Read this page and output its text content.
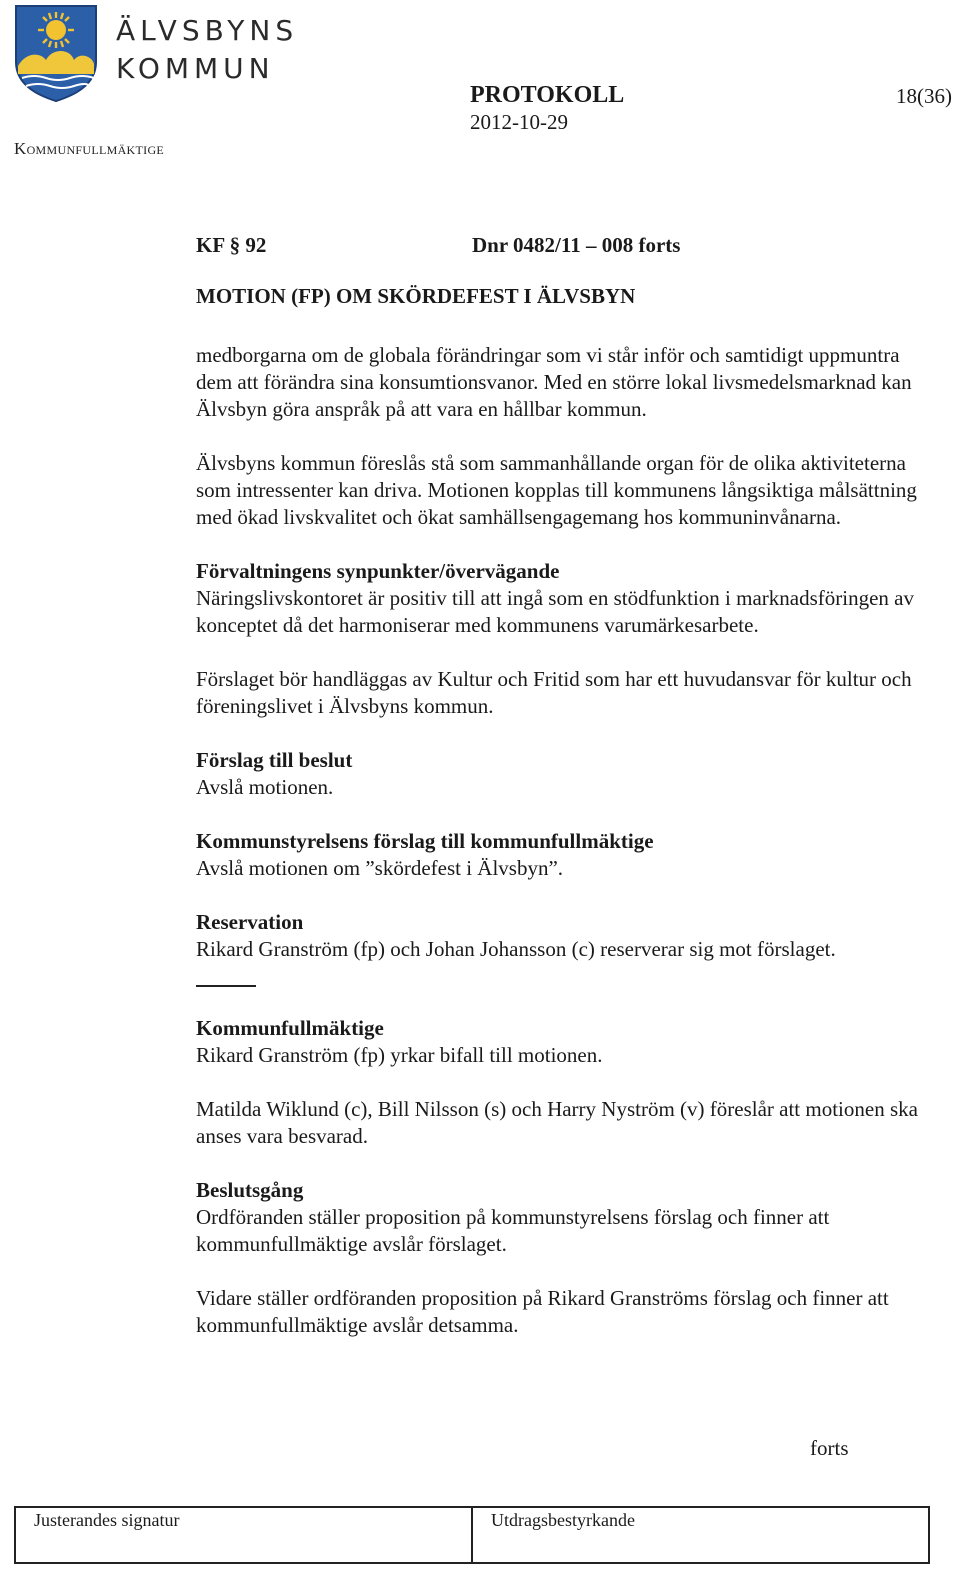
ÄLVSBYNS
KOMMUN
Kommunfullmäktige
PROTOKOLL
2012-10-29
18(36)
KF § 92	Dnr 0482/11 – 008 forts
MOTION (FP) OM SKÖRDEFEST I ÄLVSBYN

medborgarna om de globala förändringar som vi står inför och samtidigt uppmuntra dem att förändra sina konsumtionsvanor. Med en större lokal livsmedelsmarknad kan Älvsbyn göra anspråk på att vara en hållbar kommun.

Älvsbyns kommun föreslås stå som sammanhållande organ för de olika aktiviteterna som intressenter kan driva. Motionen kopplas till kommunens långsiktiga målsättning med ökad livskvalitet och ökat samhällsengagemang hos kommuninvånarna.

Förvaltningens synpunkter/övervägande

Näringslivskontoret är positiv till att ingå som en stödfunktion i marknadsföringen av konceptet då det harmoniserar med kommunens varumärkesarbete.

Förslaget bör handläggas av Kultur och Fritid som har ett huvudansvar för kultur och föreningslivet i Älvsbyns kommun.

Förslag till beslut

Avslå motionen.

Kommunstyrelsens förslag till kommunfullmäktige

Avslå motionen om ”skördefest i Älvsbyn”.

Reservation

Rikard Granström (fp) och Johan Johansson (c) reserverar sig mot förslaget.

Kommunfullmäktige

Rikard Granström (fp) yrkar bifall till motionen.

Matilda Wiklund (c), Bill Nilsson (s) och Harry Nyström (v) föreslår att motionen ska anses vara besvarad.

Beslutsgång

Ordföranden ställer proposition på kommunstyrelsens förslag och finner att kommunfullmäktige avslår förslaget.

Vidare ställer ordföranden proposition på Rikard Granströms förslag och finner att kommunfullmäktige avslår detsamma.

forts
Justerandes signatur	Utdragsbestyrkande
